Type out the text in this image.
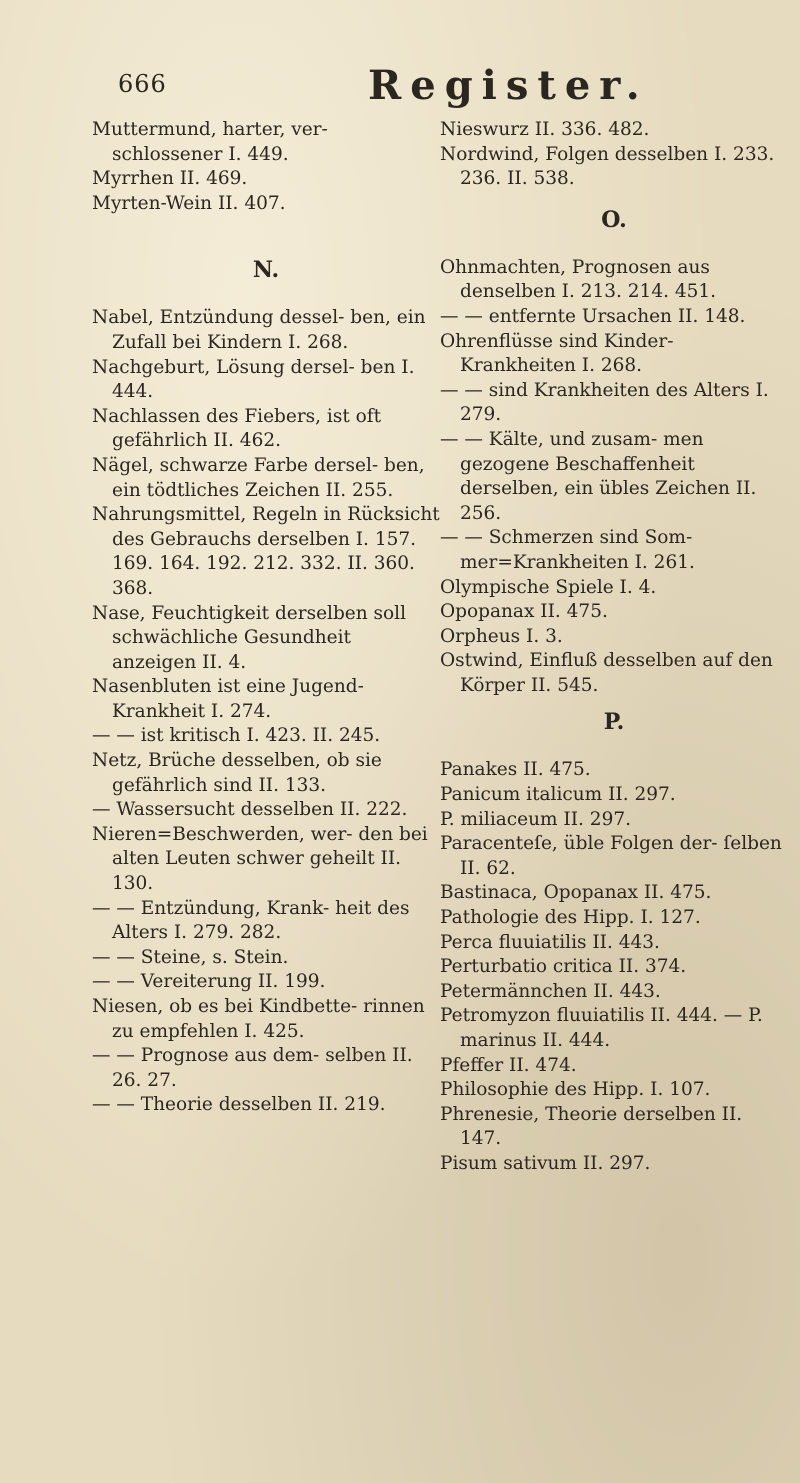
666	Register.

Muttermund, harter, ver- schlossener I. 449.

Myrrhen II. 469.

Myrten-Wein II. 407.

N.

Nabel, Entzündung dessel- ben, ein Zufall bei Kindern I. 268.

Nachgeburt, Lösung dersel- ben I. 444.

Nachlassen des Fiebers, ist oft gefährlich II. 462.

Nägel, schwarze Farbe dersel- ben, ein tödtliches Zeichen II. 255.

Nahrungsmittel, Regeln in Rücksicht des Gebrauchs derselben I. 157. 169. 164. 192. 212. 332. II. 360. 368.

Nase, Feuchtigkeit derselben soll schwächliche Gesundheit anzeigen II. 4.

Nasenbluten ist eine Jugend- Krankheit I. 274.

— — ist kritisch I. 423. II. 245.

Netz, Brüche desselben, ob sie gefährlich sind II. 133.

— Wassersucht desselben II. 222.

Nieren=Beschwerden, wer- den bei alten Leuten schwer geheilt II. 130.

— — Entzündung, Krank- heit des Alters I. 279. 282.

— — Steine, s. Stein.

— — Vereiterung II. 199.

Niesen, ob es bei Kindbette- rinnen zu empfehlen I. 425.

— — Prognose aus dem- selben II. 26. 27.

— — Theorie desselben II. 219.

Nieswurz II. 336. 482.

Nordwind, Folgen desselben I. 233. 236. II. 538.

O.

Ohnmachten, Prognosen aus denselben I. 213. 214. 451.

— — entfernte Ursachen II. 148.

Ohrenflüsse sind Kinder- Krankheiten I. 268.

— — sind Krankheiten des Alters I. 279.

— — Kälte, und zusam- men gezogene Beschaffenheit derselben, ein übles Zeichen II. 256.

— — Schmerzen sind Som- mer=Krankheiten I. 261.

Olympische Spiele I. 4.

Opopanax II. 475.

Orpheus I. 3.

Ostwind, Einfluß desselben auf den Körper II. 545.

P.

Panakes II. 475.

Panicum italicum II. 297.

P. miliaceum II. 297.

Paracenteſe, üble Folgen der- ſelben II. 62.

Bastinaca, Opopanax II. 475.

Pathologie des Hipp. I. 127.

Perca fluuiatilis II. 443.

Perturbatio critica II. 374.

Petermännchen II. 443.

Petromyzon fluuiatilis II. 444. — P. marinus II. 444.

Pfeffer II. 474.

Philosophie des Hipp. I. 107.

Phrenesie, Theorie derselben II. 147.

Pisum sativum II. 297.
